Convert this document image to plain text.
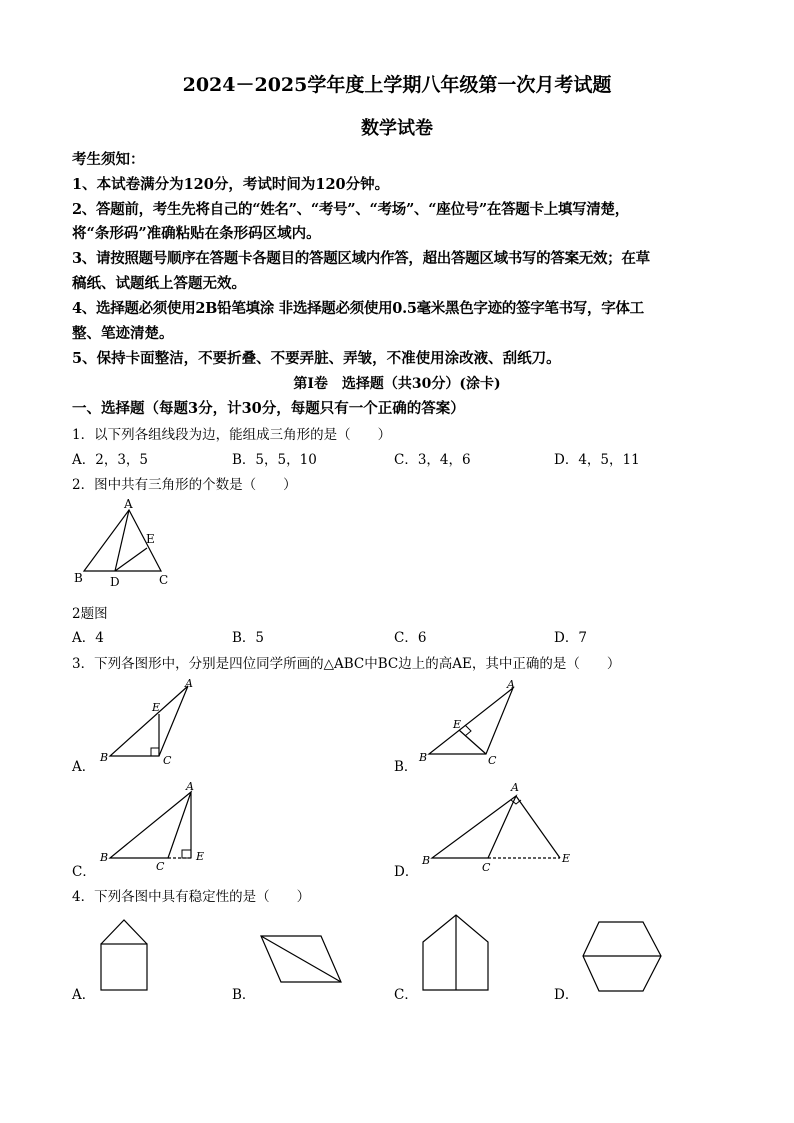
2024－2025学年度上学期八年级第一次月考试题
数学试卷
考生须知：
1、本试卷满分为120分，考试时间为120分钟。
2、答题前，考生先将自己的“姓名”、“考号”、“考场”、“座位号”在答题卡上填写清楚，
将“条形码”准确粘贴在条形码区域内。
3、请按照题号顺序在答题卡各题目的答题区域内作答，超出答题区域书写的答案无效；在草
稿纸、试题纸上答题无效。
4、选择题必须使用2B铅笔填涂 非选择题必须使用0.5毫米黑色字迹的签字笔书写，字体工
整、笔迹清楚。
5、保持卡面整洁，不要折叠、不要弄脏、弄皱，不准使用涂改液、刮纸刀。
第Ⅰ卷　选择题（共30分）(涂卡)
一、选择题（每题3分，计30分，每题只有一个正确的答案）
1．以下列各组线段为边，能组成三角形的是（　　）
A．2，3，5	B．5，5，10	C．3，4，6	D．4，5，11
2．图中共有三角形的个数是（　　）
A
B	C
D
E
2题图
A．4	B．5	C．6	D．7
3．下列各图形中，分别是四位同学所画的△ABC中BC边上的高AE，其中正确的是（　　）
A．
A
B	C
E
B．
A
B	C
E
C．
A
B
C
E
D．
A
B
C
E
4．下列各图中具有稳定性的是（　　）
A．	B．	C．	D．
